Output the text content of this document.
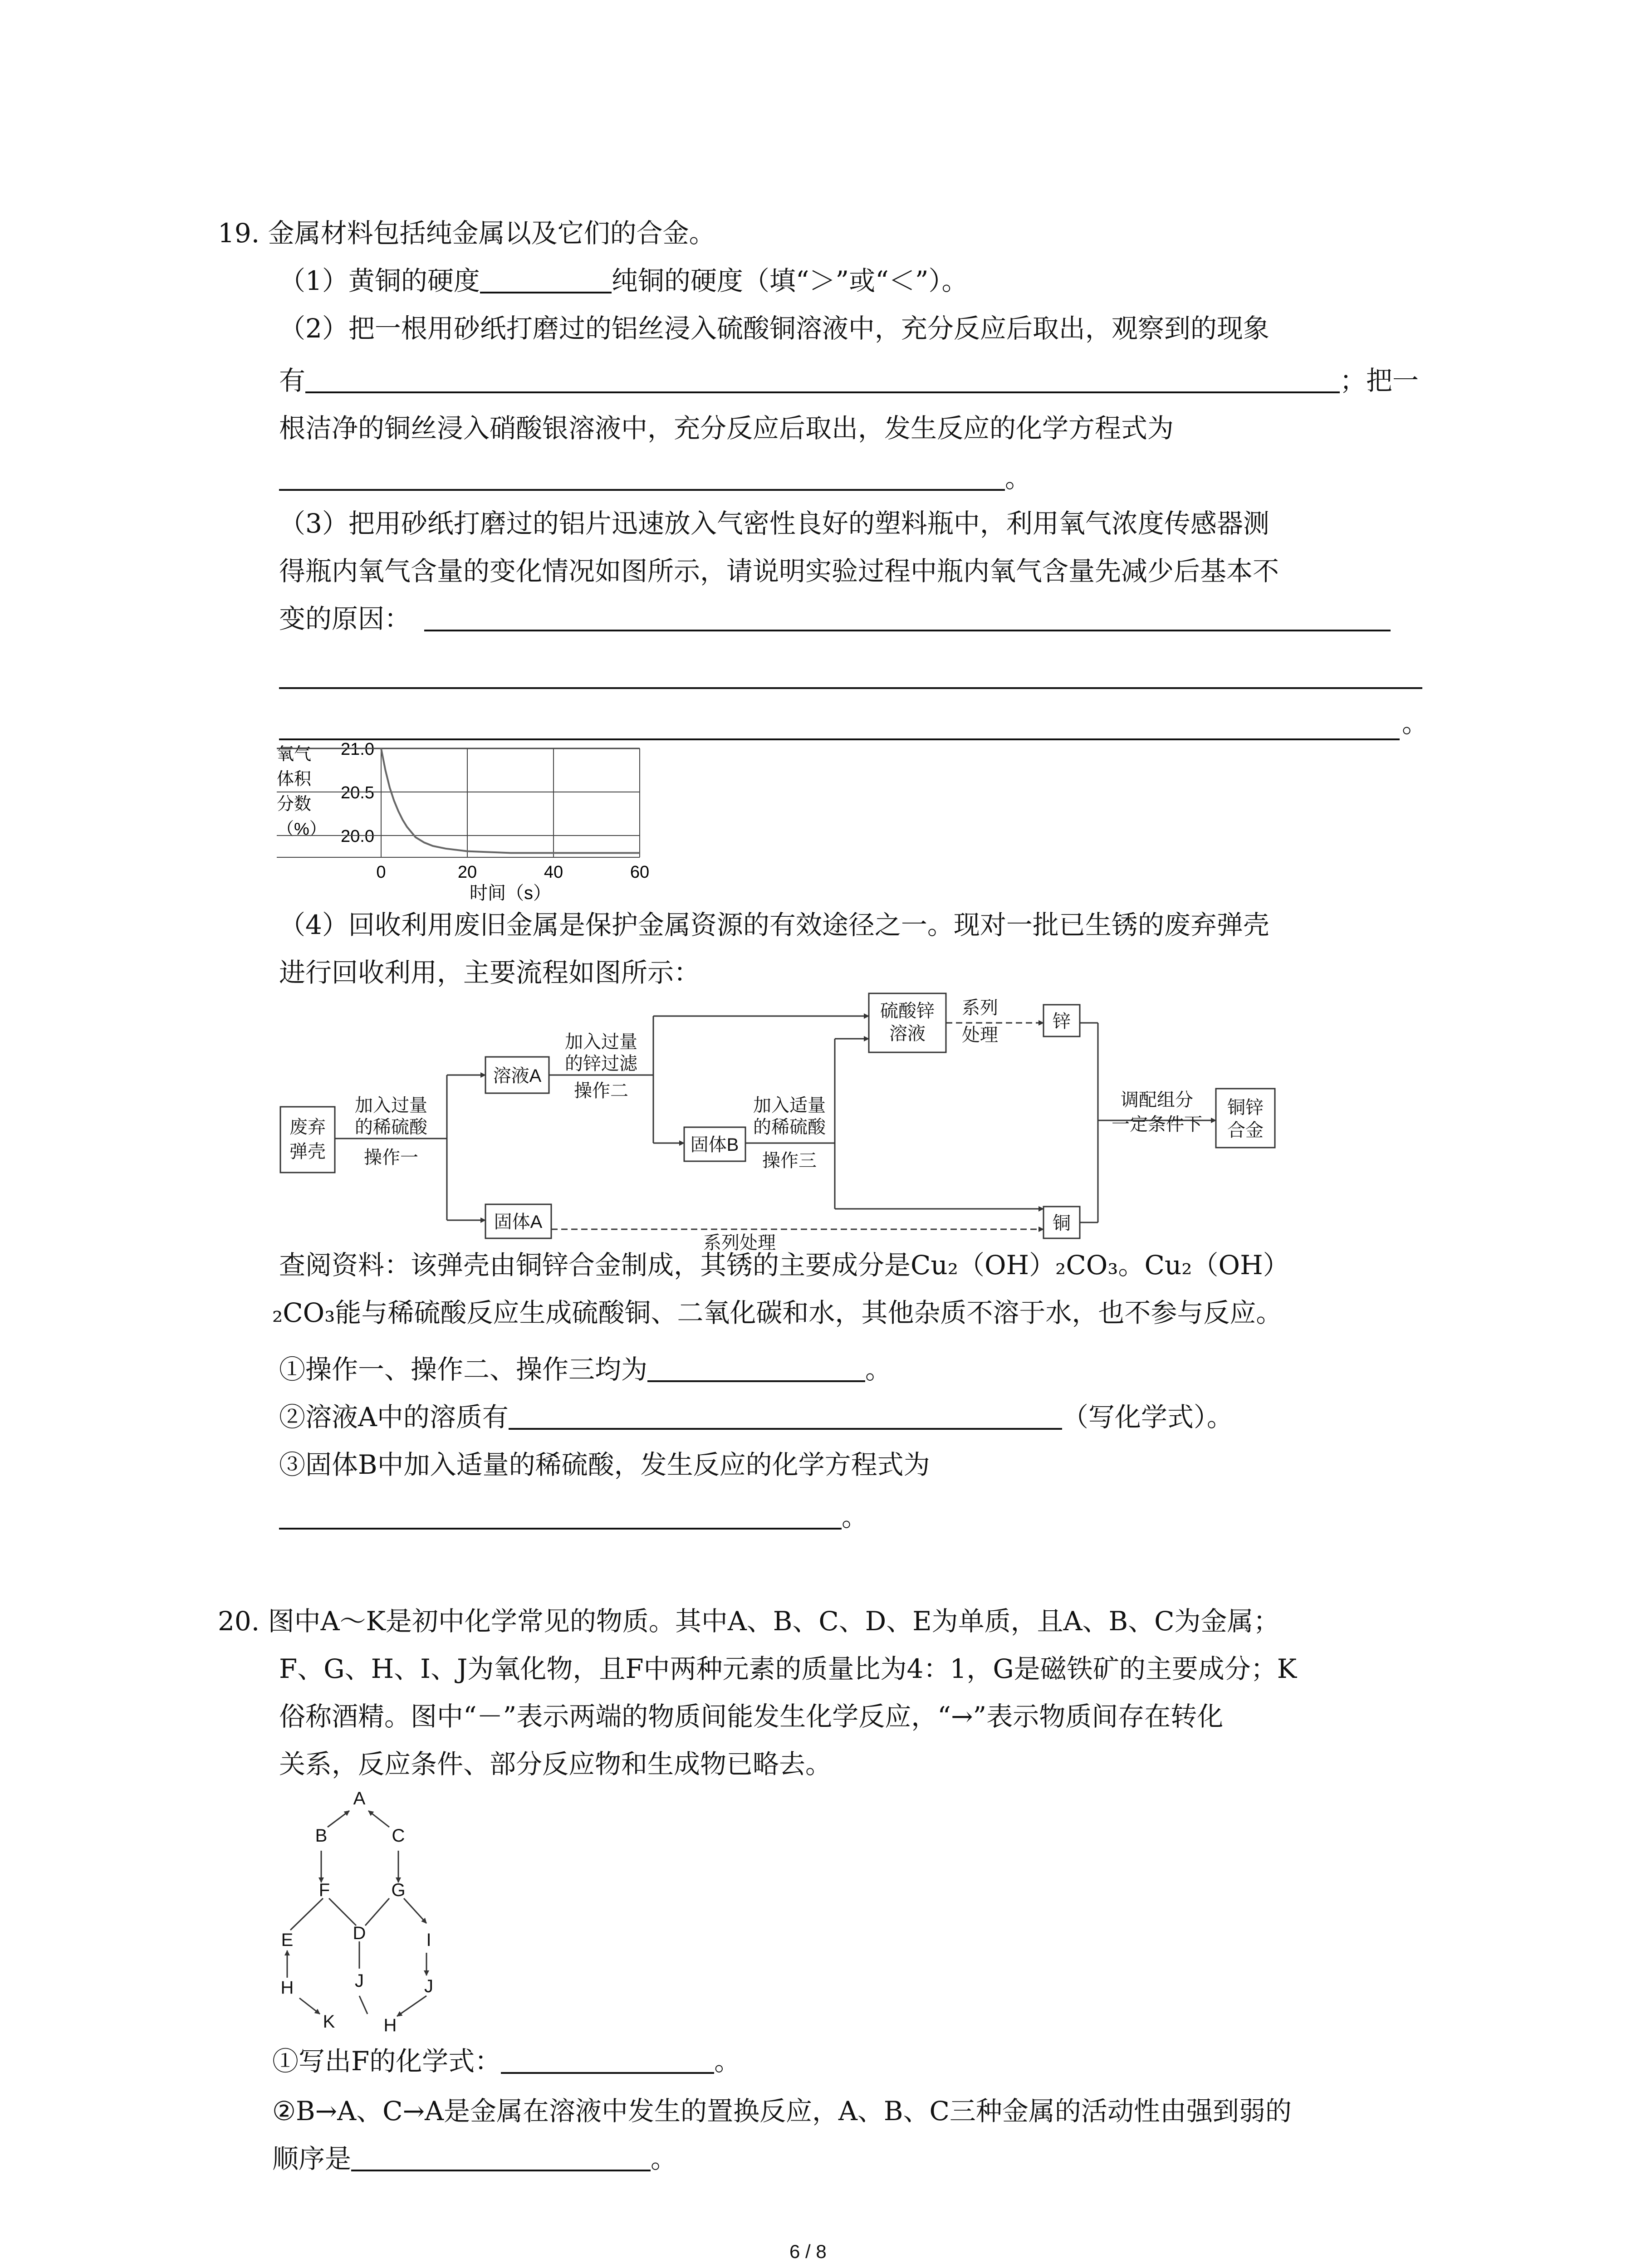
19. 金属材料包括纯金属以及它们的合金。
（1）黄铜的硬度	纯铜的硬度（填“＞”或“＜”）。
（2）把一根用砂纸打磨过的铝丝浸入硫酸铜溶液中，充分反应后取出，观察到的现象
有	；把一
根洁净的铜丝浸入硝酸银溶液中，充分反应后取出，发生反应的化学方程式为
。
（3）把用砂纸打磨过的铝片迅速放入气密性良好的塑料瓶中，利用氧气浓度传感器测
得瓶内氧气含量的变化情况如图所示，请说明实验过程中瓶内氧气含量先减少后基本不
变的原因：
。
氧气
体积
分数
（%）
21.0
20.5
20.0
0	20	40	60
时间（s）
（4）回收利用废旧金属是保护金属资源的有效途径之一。现对一批已生锈的废弃弹壳
进行回收利用，主要流程如图所示：
废弃
弹壳
加入过量
的稀硫酸
操作一
溶液A
加入过量
的锌过滤
操作二
硫酸锌
溶液
系列
处理
锌
固体B
加入适量
的稀硫酸
操作三
调配组分
一定条件下
铜锌
合金
铜
固体A
系列处理
查阅资料：该弹壳由铜锌合金制成，其锈的主要成分是Cu₂（OH）₂CO₃。Cu₂（OH）
₂CO₃能与稀硫酸反应生成硫酸铜、二氧化碳和水，其他杂质不溶于水，也不参与反应。
①操作一、操作二、操作三均为	。
②溶液A中的溶质有	（写化学式）。
③固体B中加入适量的稀硫酸，发生反应的化学方程式为
。
20. 图中A～K是初中化学常见的物质。其中A、B、C、D、E为单质，且A、B、C为金属；
F、G、H、I、J为氧化物，且F中两种元素的质量比为4：1，G是磁铁矿的主要成分；K
俗称酒精。图中“－”表示两端的物质间能发生化学反应，“→”表示物质间存在转化
关系，反应条件、部分反应物和生成物已略去。
A
B	C
F	G
D
E	I
H	J	J
K	H
①写出F的化学式：	。
②B→A、C→A是金属在溶液中发生的置换反应，A、B、C三种金属的活动性由强到弱的
顺序是	。
6 / 8
